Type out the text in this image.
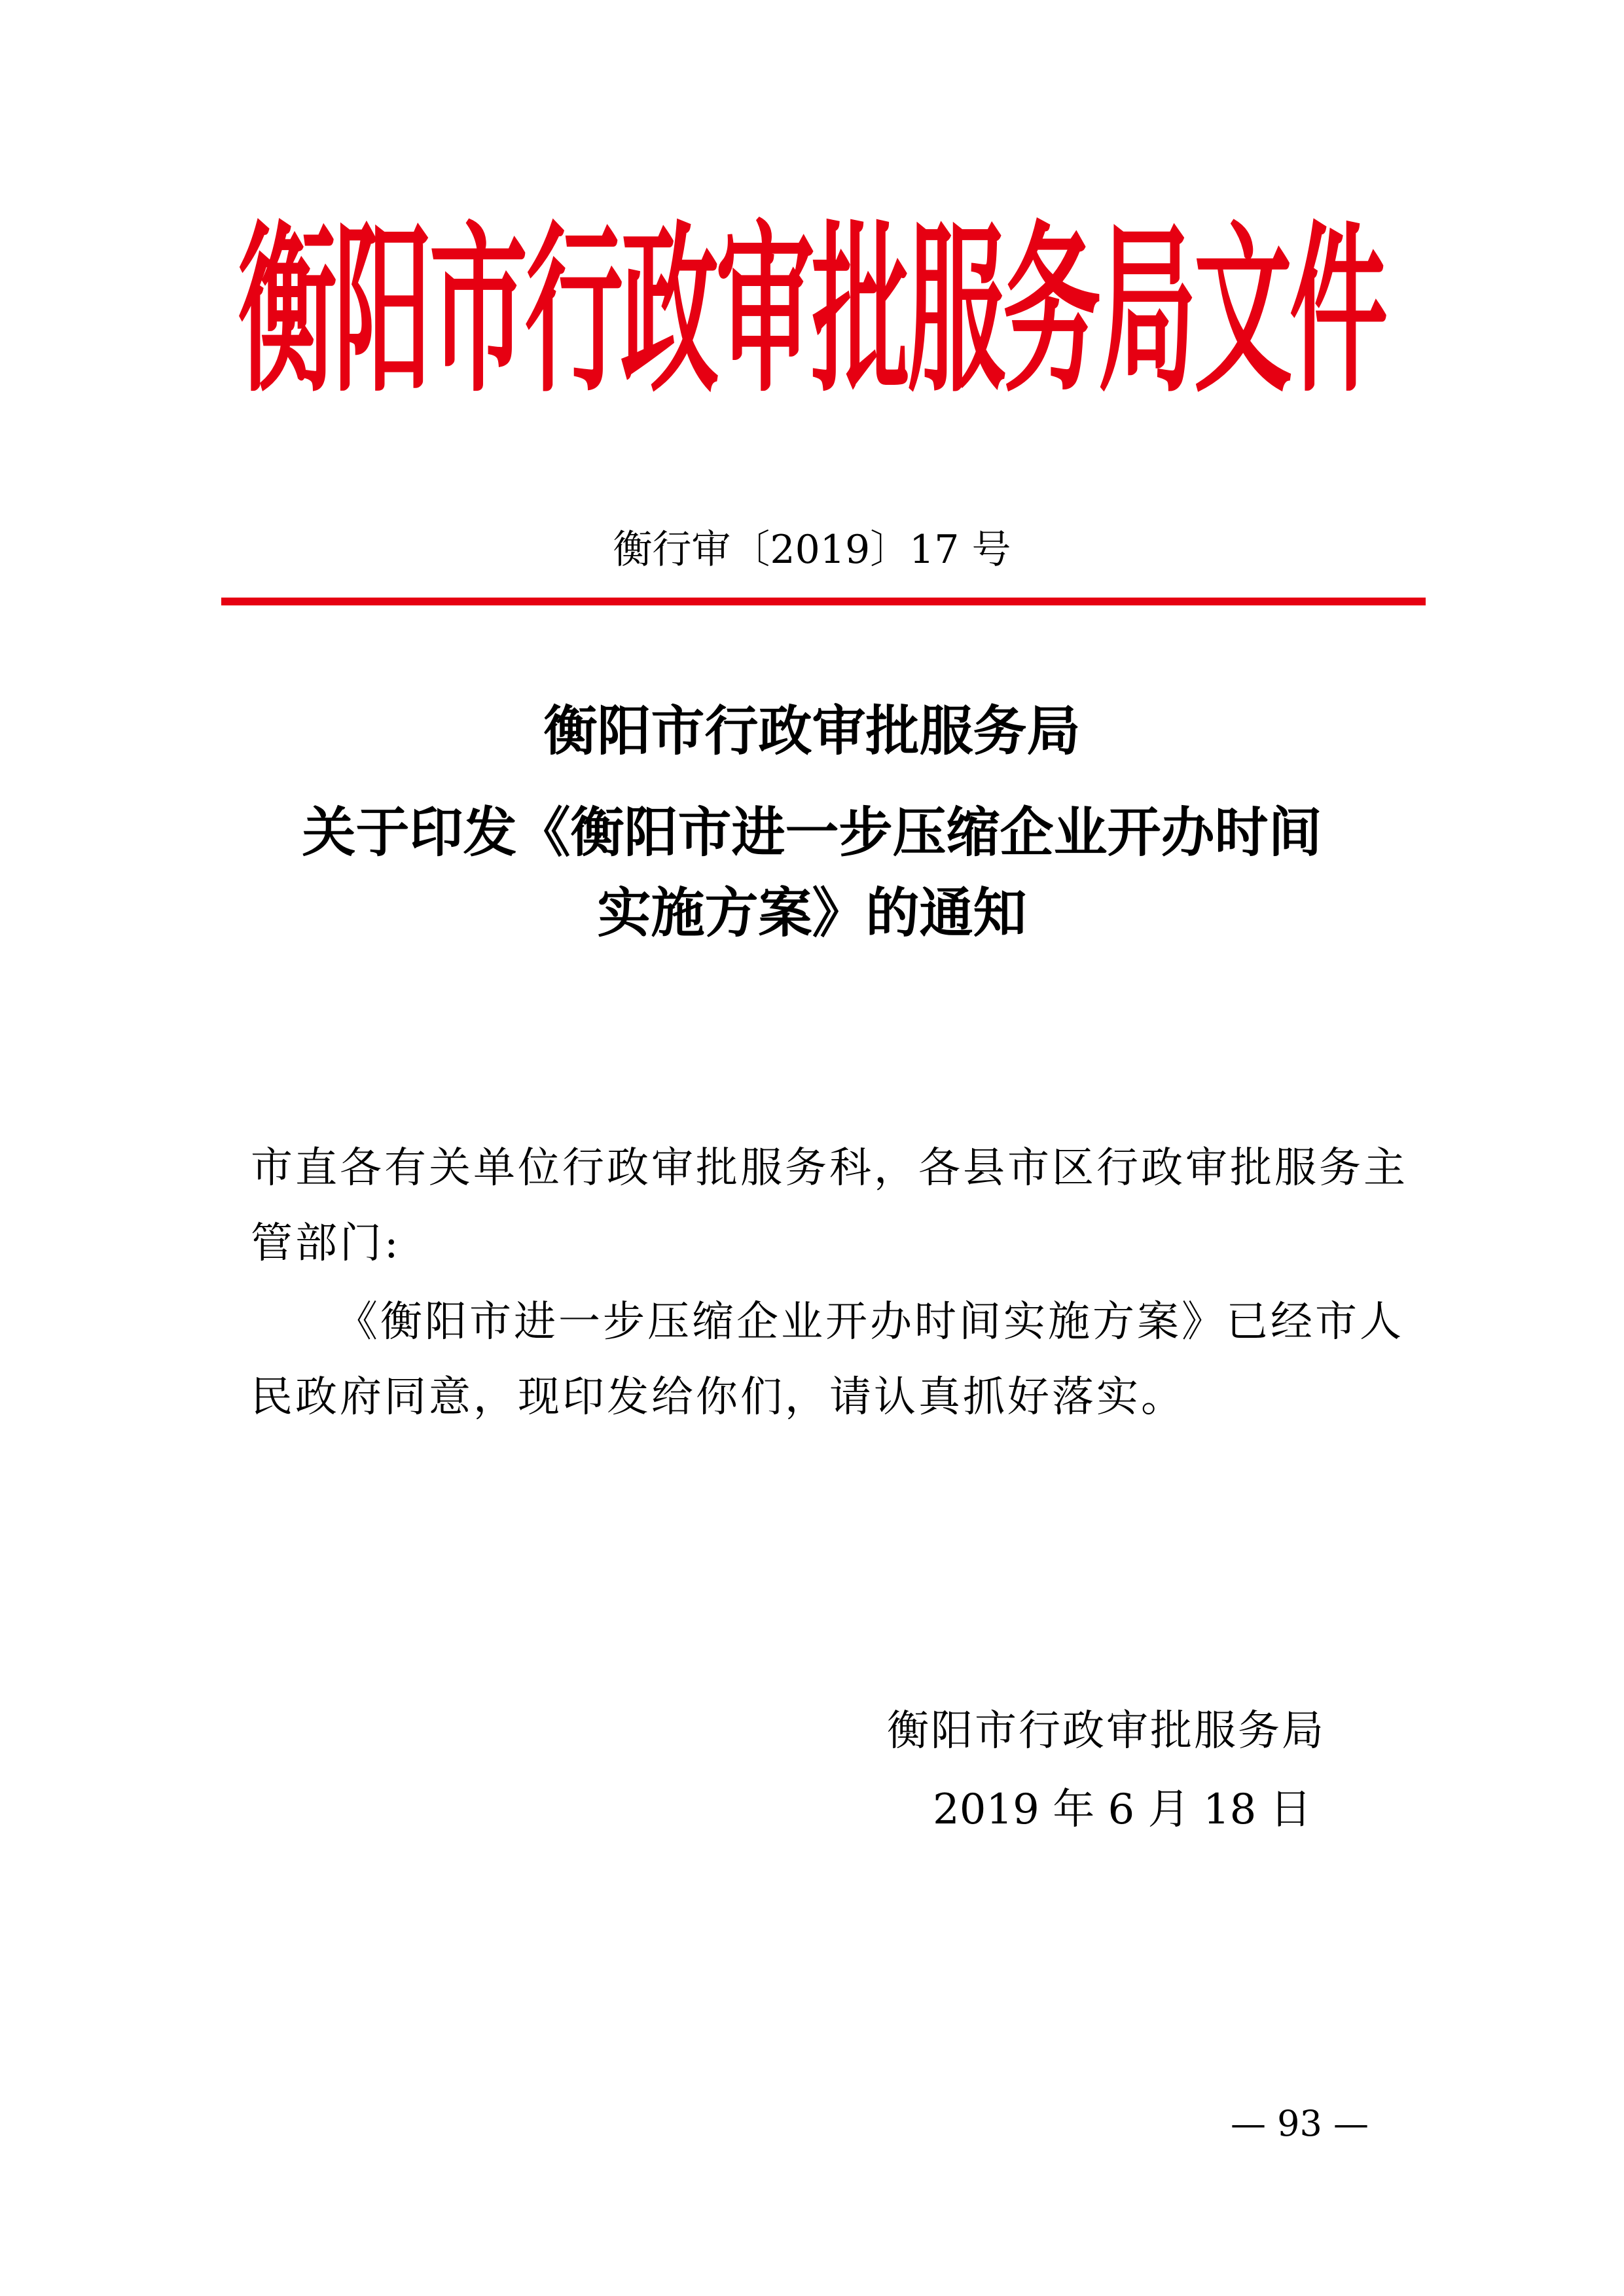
衡阳市行政审批服务局文件
衡行审〔2019〕17 号
衡阳市行政审批服务局
关于印发《衡阳市进一步压缩企业开办时间
实施方案》的通知
市直各有关单位行政审批服务科，各县市区行政审批服务主
管部门:
《衡阳市进一步压缩企业开办时间实施方案》已经市人
民政府同意，现印发给你们，请认真抓好落实。
衡阳市行政审批服务局
2019 年 6 月 18 日
— 93 —
